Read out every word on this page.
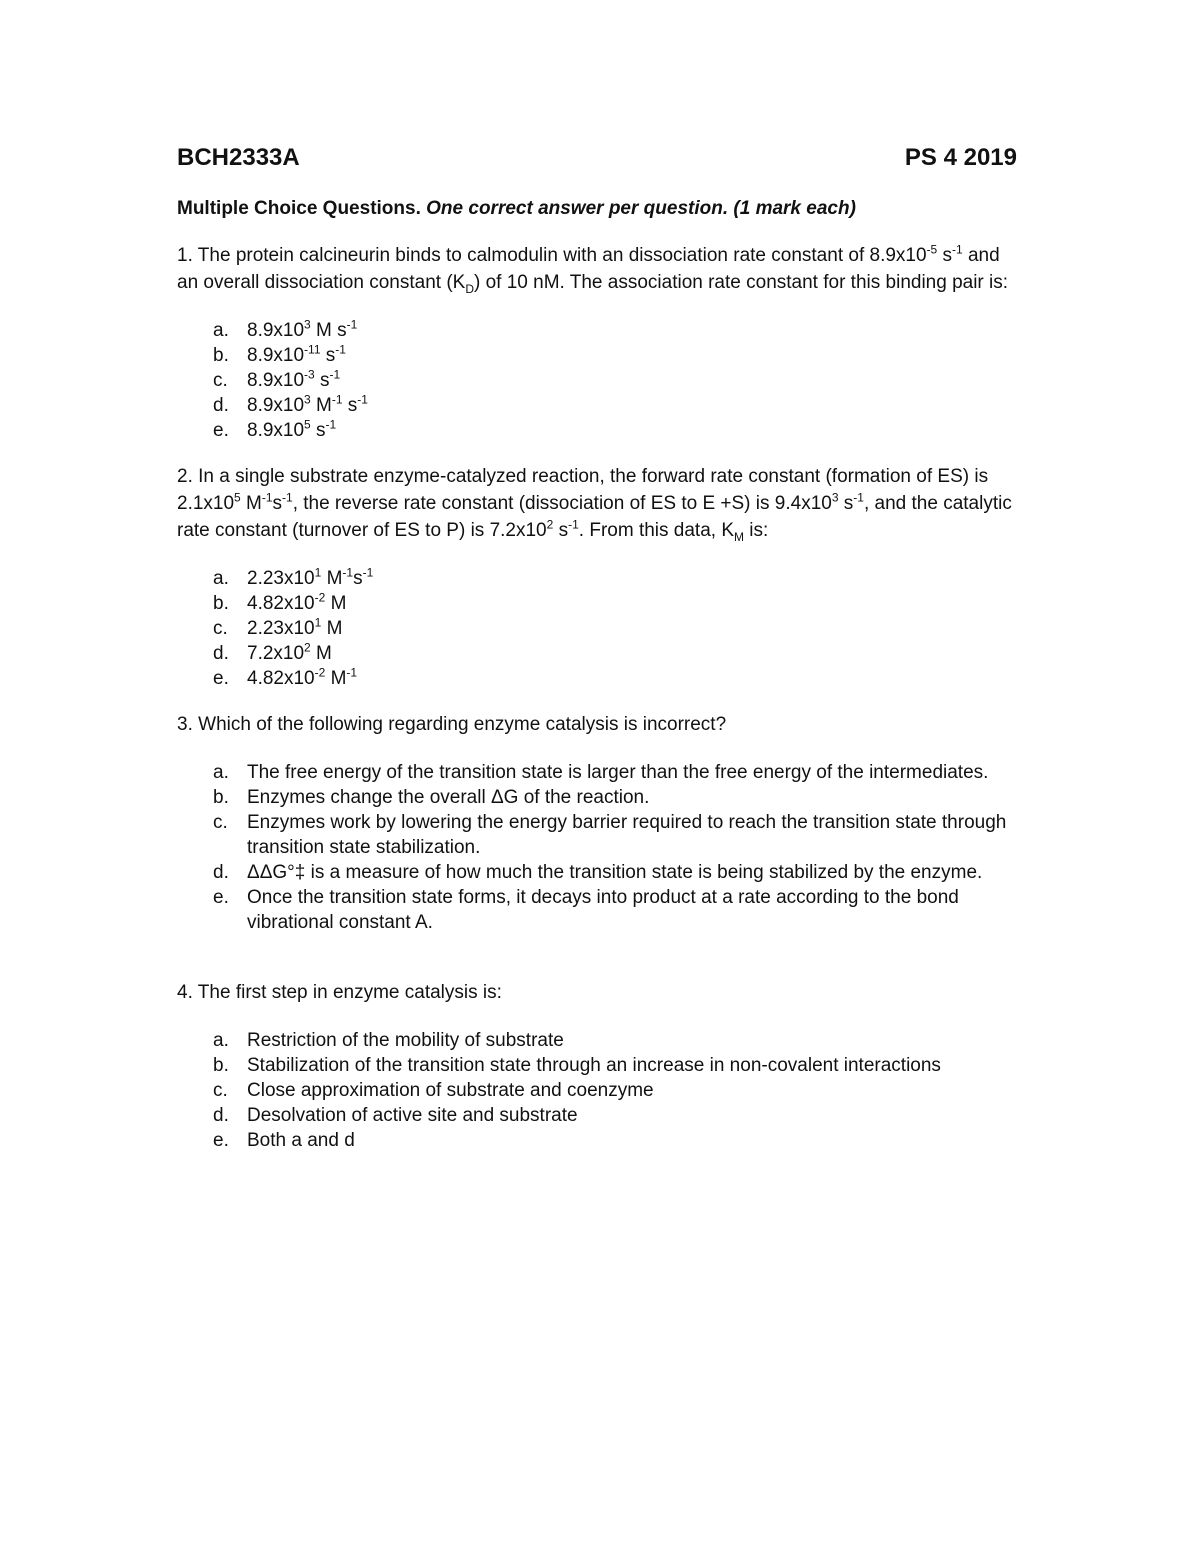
BCH2333A	PS 4 2019
Multiple Choice Questions. One correct answer per question. (1 mark each)
1. The protein calcineurin binds to calmodulin with an dissociation rate constant of $8.9x10^{-5}$ $s^{-1}$ and an overall dissociation constant $(K_D)$ of 10 nM. The association rate constant for this binding pair is:
a. $8.9x10^3$ M $s^{-1}$
b. $8.9x10^{-11}$ $s^{-1}$
c.	$8.9x10^{-3}$ $s^{-1}$
d. $8.9x10^3$ $M^{-1}$ $s^{-1}$
e. $8.9x10^5$ $s^{-1}$
2. In a single substrate enzyme-catalyzed reaction, the forward rate constant (formation of ES) is $2.1x10^5$ $M^{-1}s^{-1}$, the reverse rate constant (dissociation of ES to E +S) is $9.4x10^3$ $s^{-1}$, and the catalytic rate constant (turnover of ES to P) is $7.2x10^2$ $s^{-1}$. From this data, $K_M$ is:
a. $2.23x10^1$ $M^{-1}s^{-1}$
b. $4.82x10^{-2}$ M
c.	$2.23x10^1$ M
d. $7.2x10^2$ M
e. $4.82x10^{-2}$ $M^{-1}$
3. Which of the following regarding enzyme catalysis is incorrect?
a. The free energy of the transition state is larger than the free energy of the intermediates.
b. Enzymes change the overall ΔG of the reaction.
c.	Enzymes work by lowering the energy barrier required to reach the transition state through transition state stabilization.
d. ΔΔG°‡ is a measure of how much the transition state is being stabilized by the enzyme.
e. Once the transition state forms, it decays into product at a rate according to the bond vibrational constant A.
4. The first step in enzyme catalysis is:
a. Restriction of the mobility of substrate
b. Stabilization of the transition state through an increase in non-covalent interactions
c.	Close approximation of substrate and coenzyme
d. Desolvation of active site and substrate
e. Both a and d
